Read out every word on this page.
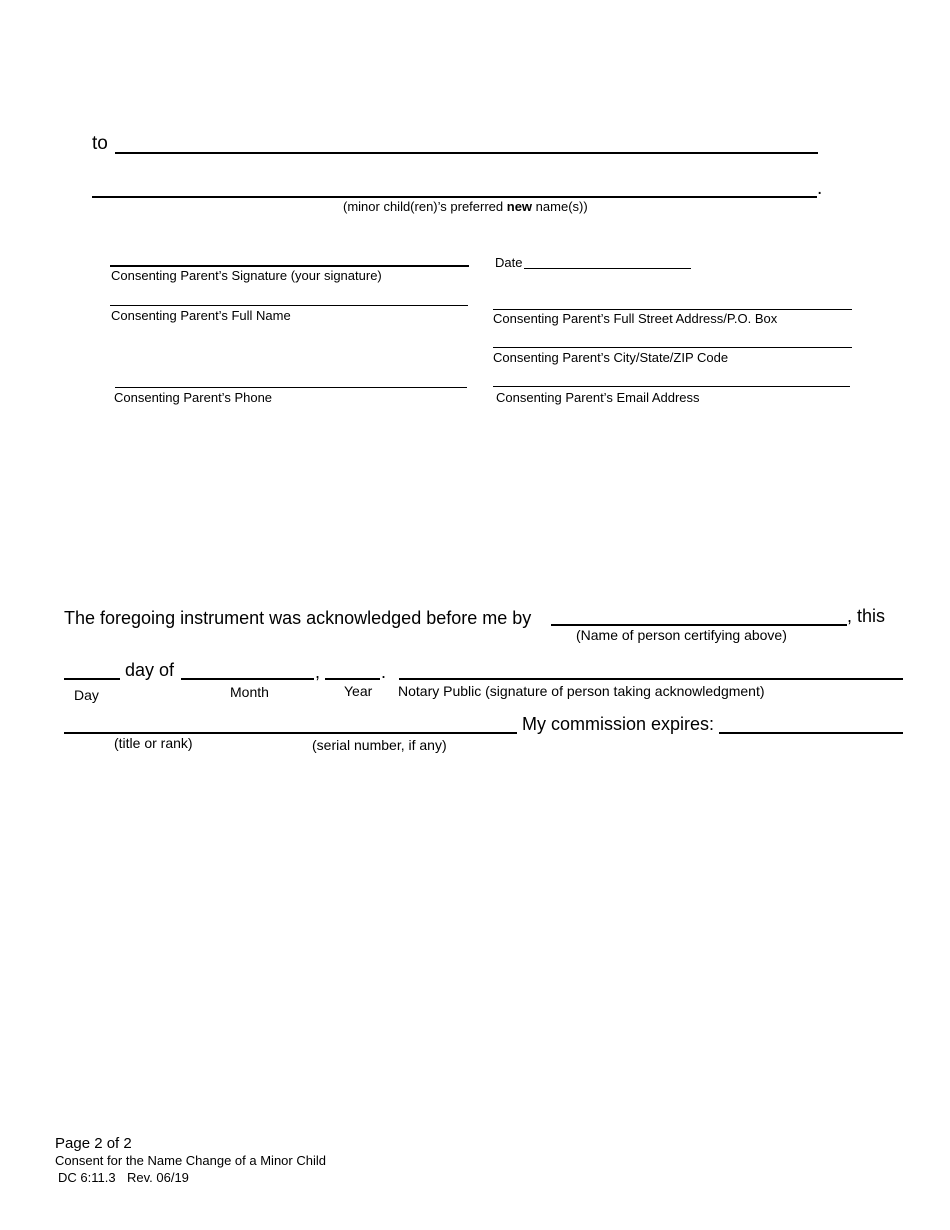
to
.
(minor child(ren)’s preferred new name(s))
Consenting Parent’s Signature (your signature)
Date
Consenting Parent’s Full Name	Consenting Parent’s Full Street Address/P.O. Box
Consenting Parent’s City/State/ZIP Code
Consenting Parent’s Phone	Consenting Parent’s Email Address
The foregoing instrument was acknowledged before me by	, this
(Name of person certifying above)
day of	,	.
Day	Month	Year Notary Public (signature of person taking acknowledgment)
My commission expires:
(title or rank)	(serial number, if any)
Page 2 of 2
Consent for the Name Change of a Minor Child
DC 6:11.3 Rev. 06/19
